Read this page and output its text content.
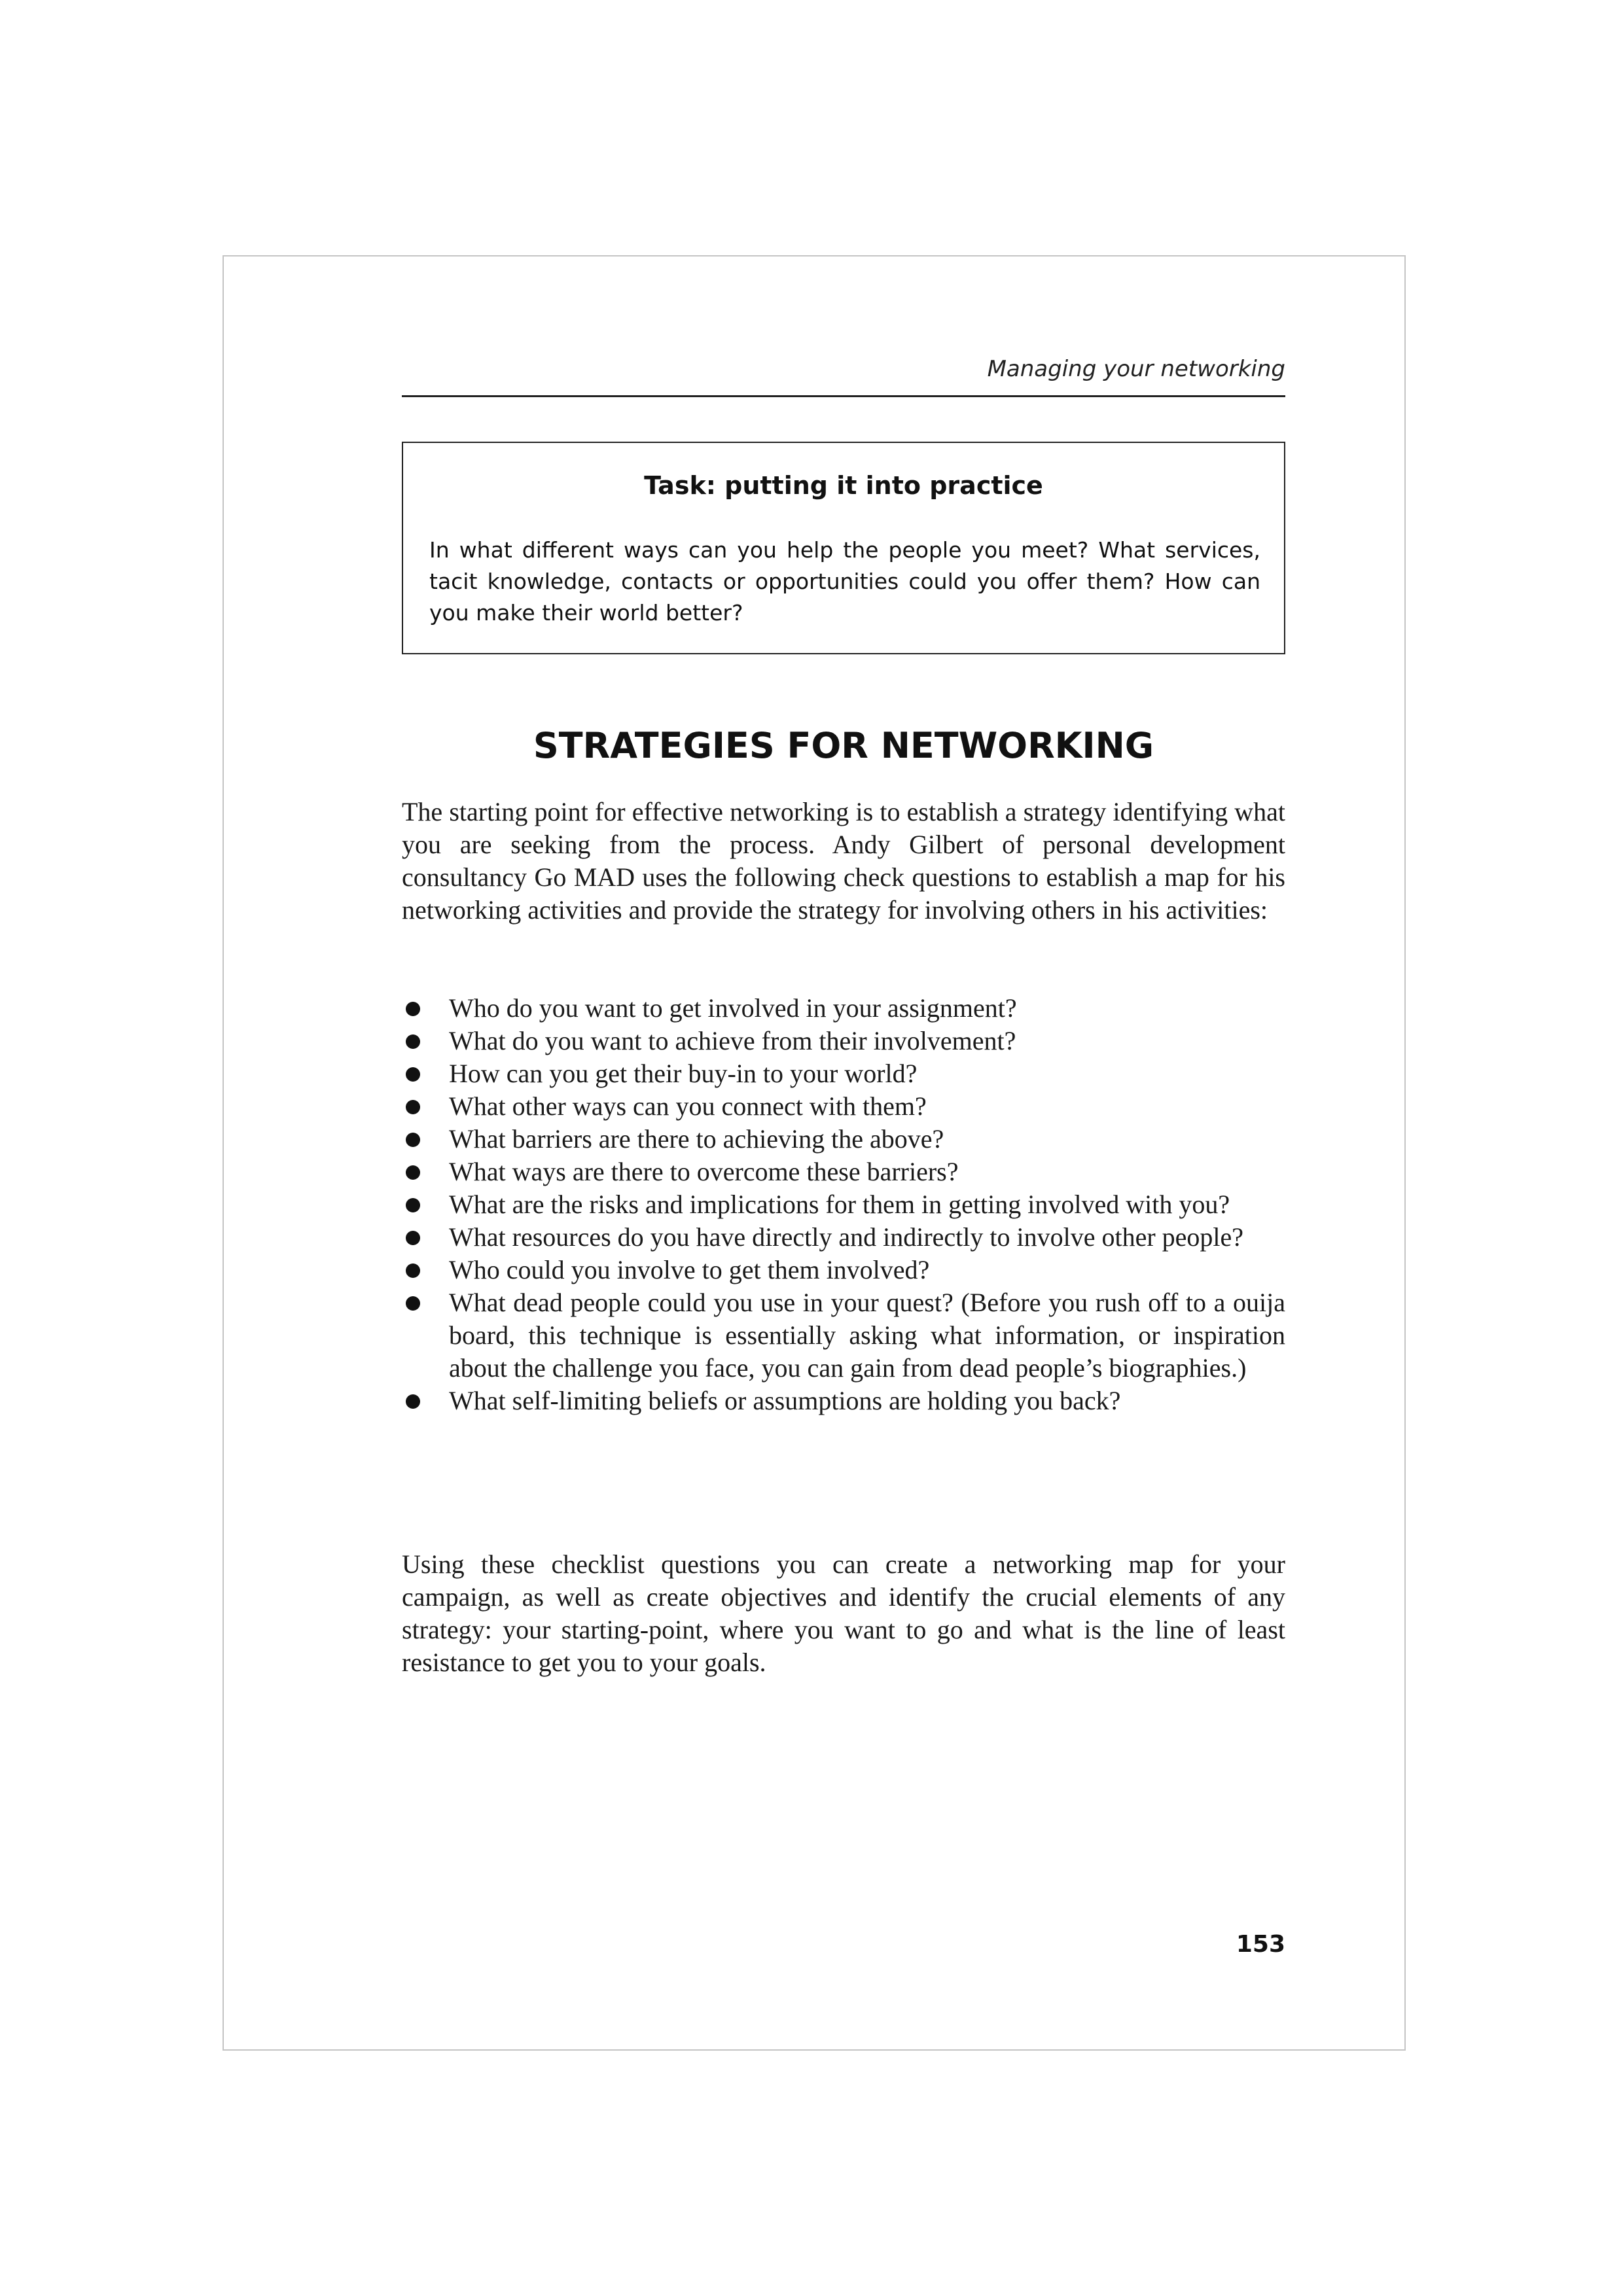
Managing your networking
Task: putting it into practice
In what different ways can you help the people you meet? What services, tacit knowledge, contacts or opportunities could you offer them? How can you make their world better?
STRATEGIES FOR NETWORKING
The starting point for effective networking is to establish a strategy identifying what you are seeking from the process. Andy Gilbert of personal development consultancy Go MAD uses the following check questions to establish a map for his networking activities and provide the strategy for involving others in his activities:
Who do you want to get involved in your assignment?
What do you want to achieve from their involvement?
How can you get their buy-in to your world?
What other ways can you connect with them?
What barriers are there to achieving the above?
What ways are there to overcome these barriers?
What are the risks and implications for them in getting involved with you?
What resources do you have directly and indirectly to involve other people?
Who could you involve to get them involved?
What dead people could you use in your quest? (Before you rush off to a ouija board, this technique is essentially asking what information, or inspiration about the challenge you face, you can gain from dead people’s biographies.)
What self-limiting beliefs or assumptions are holding you back?
Using these checklist questions you can create a networking map for your campaign, as well as create objectives and identify the crucial elements of any strategy: your starting-point, where you want to go and what is the line of least resistance to get you to your goals.
153
